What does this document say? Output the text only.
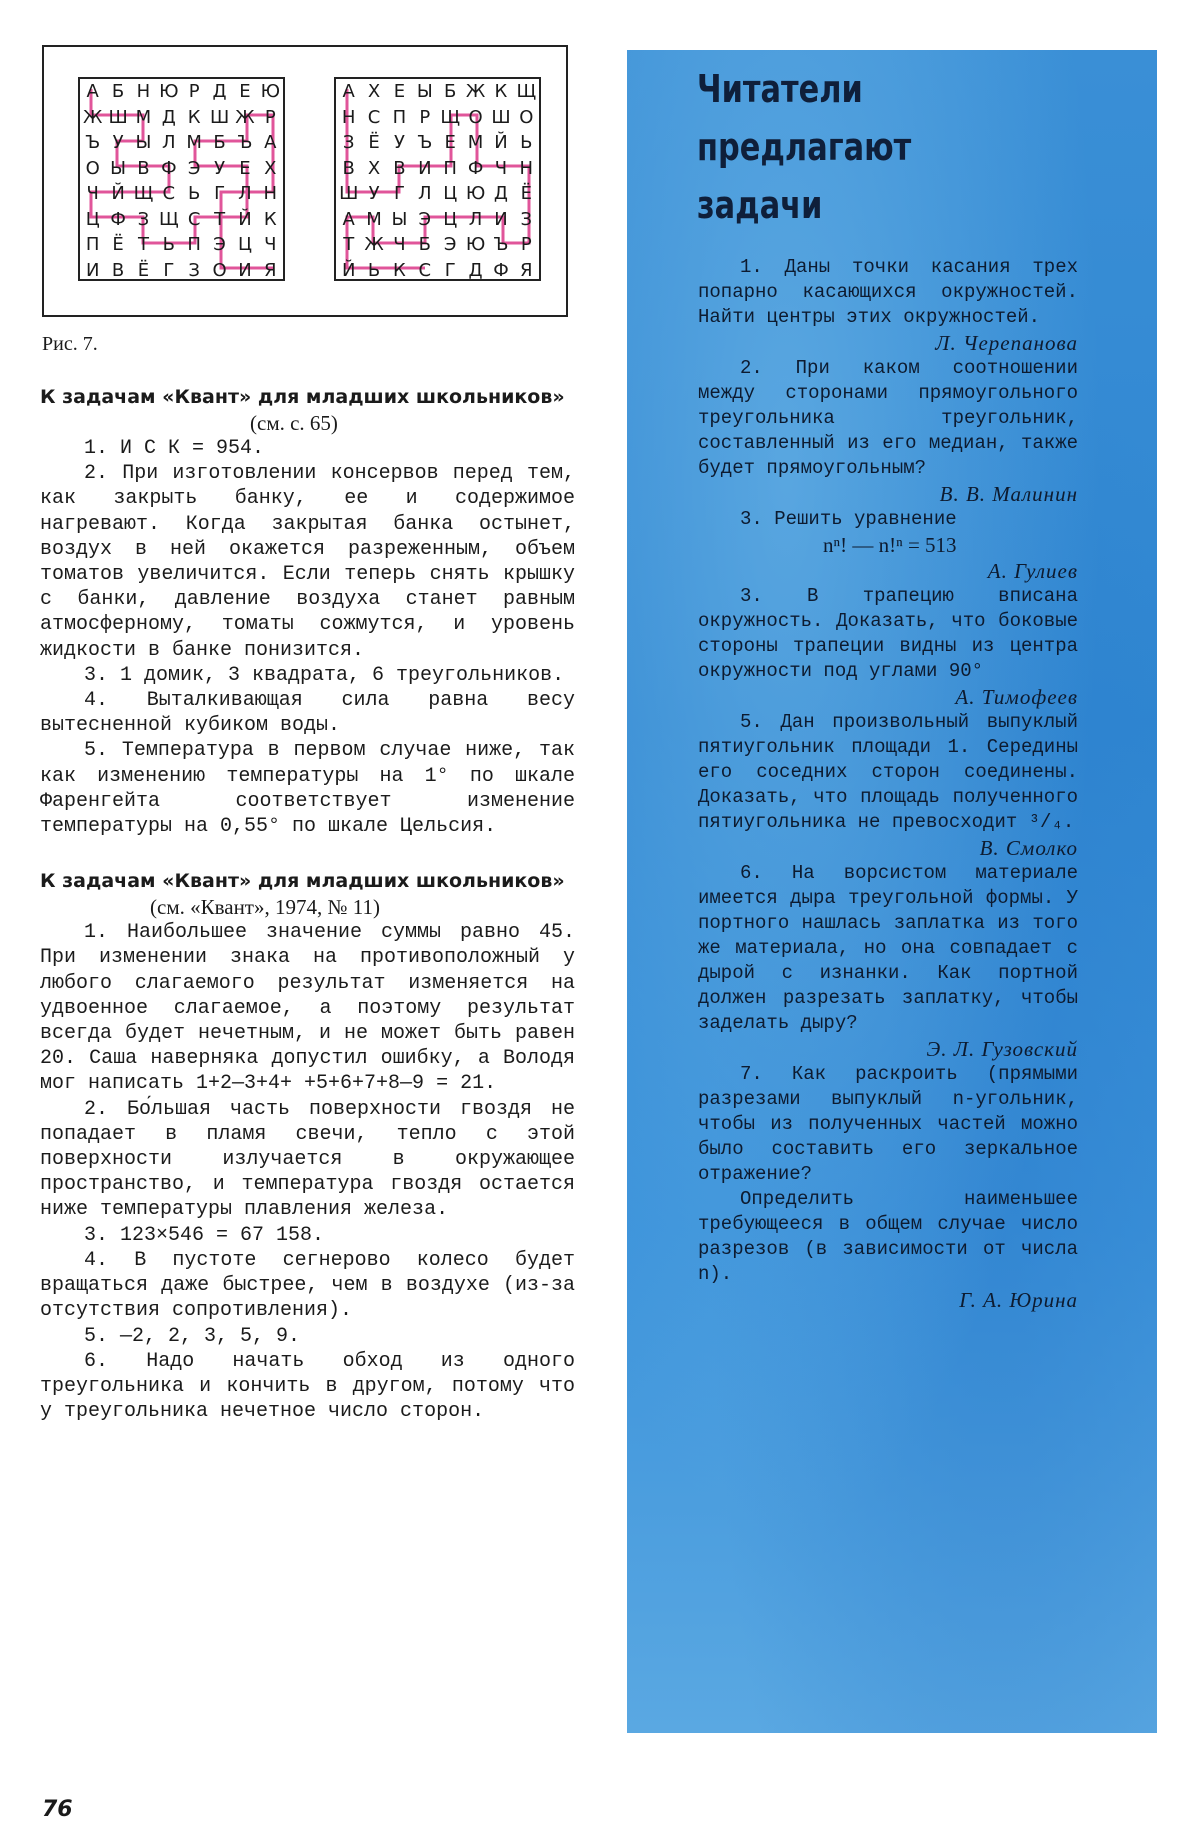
А Б Н Ю Р Д Е Ю
Ж Ш М Д К Ш Ж Р
Ъ У Ы Л М Б Ъ А
О Ы В Ф Э У Е Х
Ч Й Щ С Ь Г Л Н
Ц Ф З Щ С Т Й К
П Ё Т Ь П Э Ц Ч
И В Ё Г З О И Я
А Х Е Ы Б Ж К Щ
Н С П Р Щ О Ш О
З Ё У Ъ Е М Й Ь
В Х В И П Ф Ч Н
Ш У Г Л Ц Ю Д Ё
А М Ы Э Ц Л И З
Т Ж Ч Б Э Ю Ъ Р
Й Ь К С Г Д Ф Я
Рис. 7.
К задачам «Квант» для младших школьников»
(см. с. 65)

1. И С К = 954.

2. При изготовлении консервов перед тем, как закрыть банку, ее и содержимое нагревают. Когда закрытая банка остынет, воздух в ней окажется разреженным, объем томатов увеличится. Если теперь снять крышку с банки, давление воздуха станет равным атмосферному, томаты сожмутся, и уровень жидкости в банке понизится.

3. 1 домик, 3 квадрата, 6 треугольников.

4. Выталкивающая сила равна весу вытесненной кубиком воды.

5. Температура в первом случае ниже, так как изменению температуры на 1° по шкале Фаренгейта соответствует изменение температуры на 0,55° по шкале Цельсия.

К задачам «Квант» для младших школьников»
(см. «Квант», 1974, № 11)

1. Наибольшее значение суммы равно 45. При изменении знака на противоположный у любого слагаемого результат изменяется на удвоенное слагаемое, а поэтому результат всегда будет нечетным, и не может быть равен 20. Саша наверняка допустил ошибку, а Володя мог написать 1+2—3+4+ +5+6+7+8—9 = 21.

2. Бо́льшая часть поверхности гвоздя не попадает в пламя свечи, тепло с этой поверхности излучается в окружающее пространство, и температура гвоздя остается ниже температуры плавления железа.

3. 123×546 = 67 158.

4. В пустоте сегнерово колесо будет вращаться даже быстрее, чем в воздухе (из-за отсутствия сопротивления).

5. —2, 2, 3, 5, 9.

6. Надо начать обход из одного треугольника и кончить в другом, потому что у треугольника нечетное число сторон.

Читатели
предлагают
задачи

1. Даны точки касания трех попарно касающихся окружностей. Найти центры этих окружностей.

Л. Черепанова

2. При каком соотношении между сторонами прямоугольного треугольника треугольник, составленный из его медиан, также будет прямоугольным?

В. В. Малинин

3. Решить уравнение

nⁿ! — n!ⁿ = 513

А. Гулиев

3. В трапецию вписана окружность. Доказать, что боковые стороны трапеции видны из центра окружности под углами 90°

А. Тимофеев

5. Дан произвольный выпуклый пятиугольник площади 1. Середины его соседних сторон соединены. Доказать, что площадь полученного пятиугольника не превосходит ³/₄.

В. Смолко

6. На ворсистом материале имеется дыра треугольной формы. У портного нашлась заплатка из того же материала, но она совпадает с дырой с изнанки. Как портной должен разрезать заплатку, чтобы заделать дыру?

Э. Л. Гузовский

7. Как раскроить (прямыми разрезами выпуклый n-угольник, чтобы из полученных частей можно было составить его зеркальное отражение?

Определить наименьшее требующееся в общем случае число разрезов (в зависимости от числа n).

Г. А. Юрина

76
